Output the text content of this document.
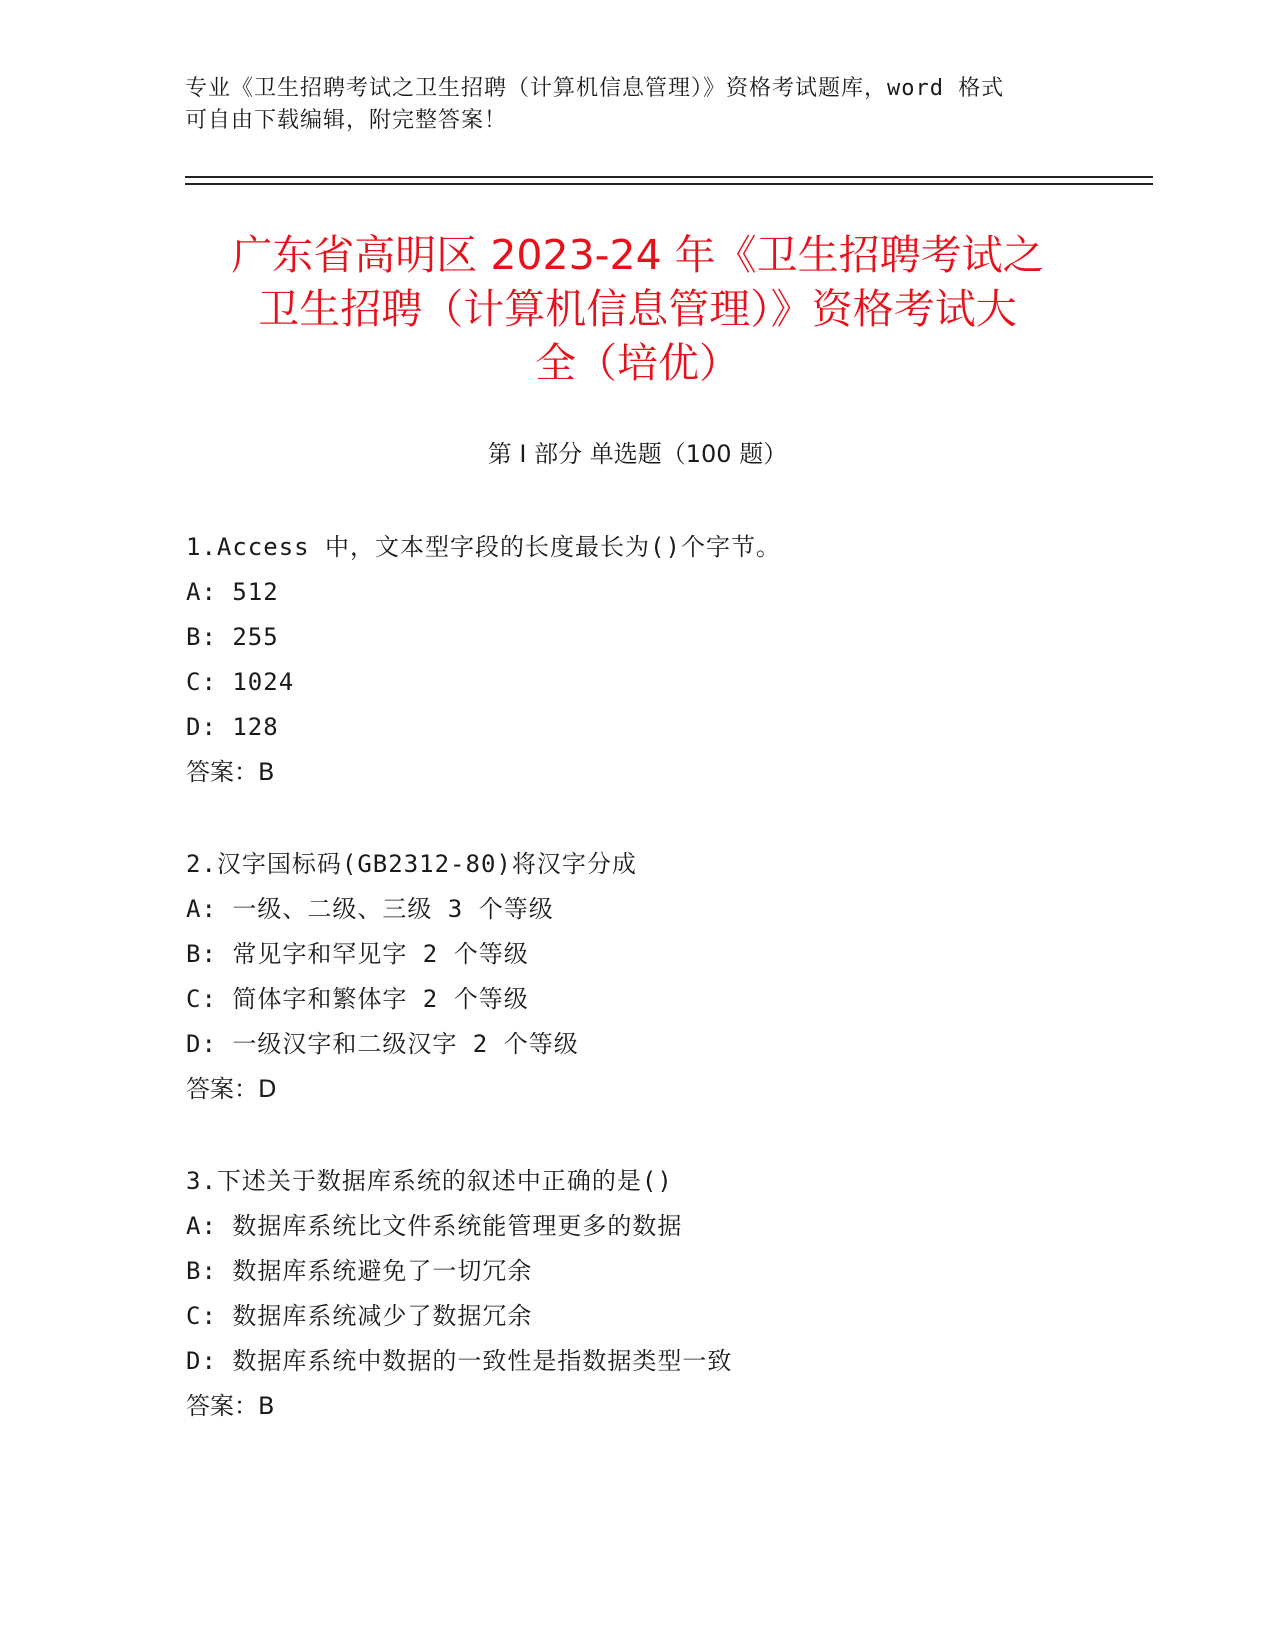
专业《卫生招聘考试之卫生招聘（计算机信息管理）》资格考试题库，word 格式
可自由下载编辑，附完整答案！
广东省高明区 2023-24 年《卫生招聘考试之
卫生招聘（计算机信息管理）》资格考试大
全（培优）
第 I 部分 单选题（100 题）
1.Access 中，文本型字段的长度最长为()个字节。
A: 512
B: 255
C: 1024
D: 128
答案：B
2.汉字国标码(GB2312-80)将汉字分成
A: 一级、二级、三级 3 个等级
B: 常见字和罕见字 2 个等级
C: 简体字和繁体字 2 个等级
D: 一级汉字和二级汉字 2 个等级
答案：D
3.下述关于数据库系统的叙述中正确的是()
A: 数据库系统比文件系统能管理更多的数据
B: 数据库系统避免了一切冗余
C: 数据库系统减少了数据冗余
D: 数据库系统中数据的一致性是指数据类型一致
答案：B
